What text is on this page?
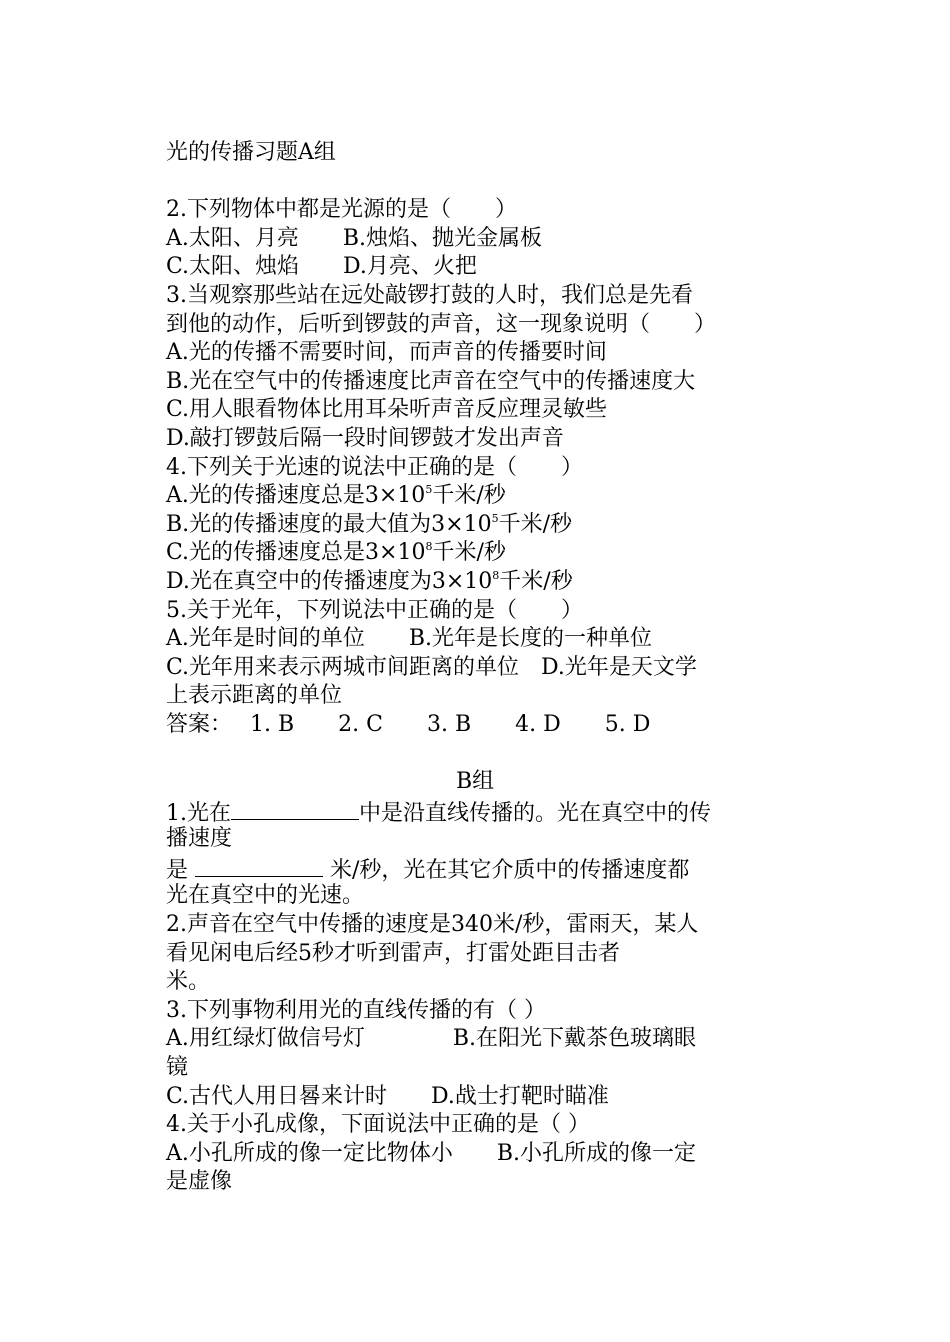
光的传播习题A组
2.下列物体中都是光源的是（　　）
A.太阳、月亮　　B.烛焰、抛光金属板
C.太阳、烛焰　　D.月亮、火把
3.当观察那些站在远处敲锣打鼓的人时，我们总是先看
到他的动作，后听到锣鼓的声音，这一现象说明（　　）
A.光的传播不需要时间，而声音的传播要时间
B.光在空气中的传播速度比声音在空气中的传播速度大
C.用人眼看物体比用耳朵听声音反应理灵敏些
D.敲打锣鼓后隔一段时间锣鼓才发出声音
4.下列关于光速的说法中正确的是（　　）
A.光的传播速度总是$3\times 10^5$千米/秒
B.光的传播速度的最大值为$3\times 10^5$千米/秒
C.光的传播速度总是$3\times 10^8$千米/秒
D.光在真空中的传播速度为$3\times 10^8$千米/秒
5.关于光年，下列说法中正确的是（　　）
A.光年是时间的单位　　B.光年是长度的一种单位
C.光年用来表示两城市间距离的单位　D.光年是天文学
上表示距离的单位
答案：　 1. B　　2. C　　3. B　　4. D　　5. D
B组
1.光在	中是沿直线传播的。光在真空中的传
播速度
是	米/秒，光在其它介质中的传播速度都
光在真空中的光速。
2.声音在空气中传播的速度是340米/秒，雷雨天，某人
看见闲电后经5秒才听到雷声，打雷处距目击者
米。
3.下列事物利用光的直线传播的有（ ）
A.用红绿灯做信号灯　　　　B.在阳光下戴茶色玻璃眼
镜
C.古代人用日晷来计时　　D.战士打靶时瞄准
4.关于小孔成像，下面说法中正确的是（ ）
A.小孔所成的像一定比物体小　　B.小孔所成的像一定
是虚像
